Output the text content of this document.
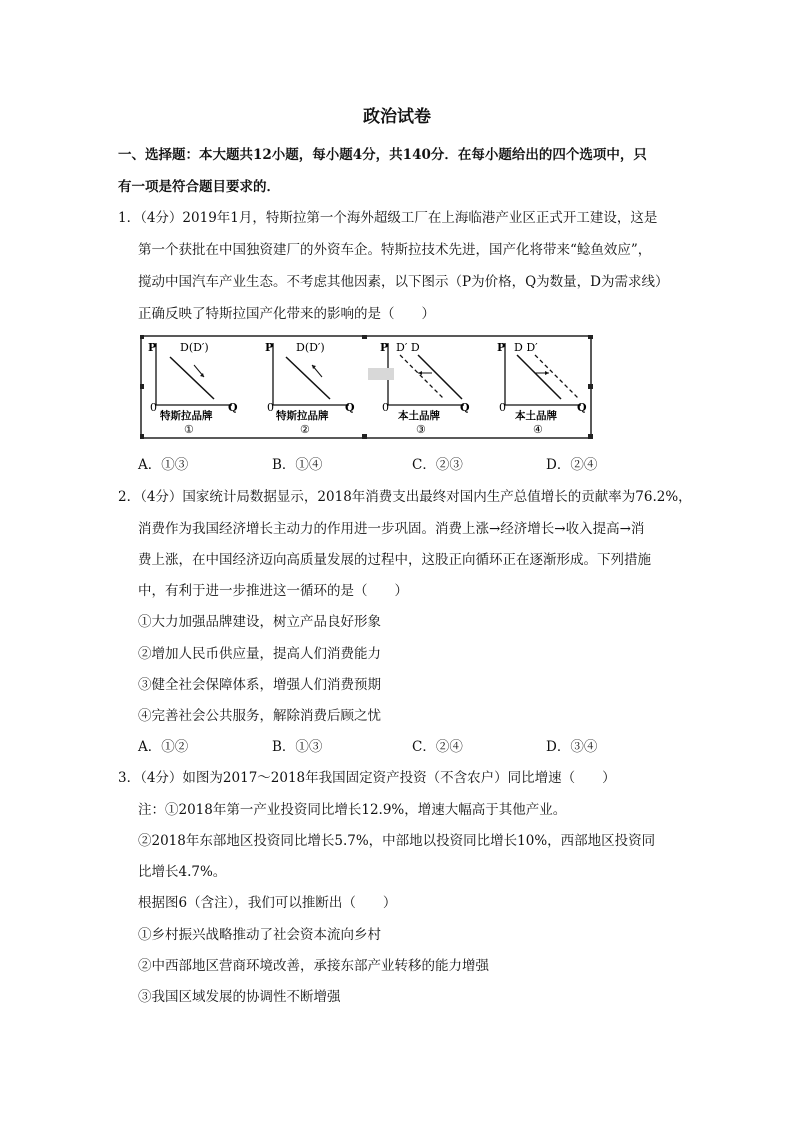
政治试卷
一、选择题：本大题共12小题，每小题4分，共140分．在每小题给出的四个选项中，只
有一项是符合题目要求的．
1．（4分）2019年1月，特斯拉第一个海外超级工厂在上海临港产业区正式开工建设，这是
第一个获批在中国独资建厂的外资车企。特斯拉技术先进，国产化将带来“鲶鱼效应”，
搅动中国汽车产业生态。不考虑其他因素，以下图示（P为价格，Q为数量，D为需求线）
正确反映了特斯拉国产化带来的影响的是（　　）
P
0	Q
D(D′)
特斯拉品牌
①
P
0	Q
D(D′)
特斯拉品牌
②
P
0	Q
D′ D
本土品牌
③
P
0	Q
D D′
本土品牌
④
A．①③	B．①④	C．②③	D．②④
2．（4分）国家统计局数据显示，2018年消费支出最终对国内生产总值增长的贡献率为76.2%，
消费作为我国经济增长主动力的作用进一步巩固。消费上涨→经济增长→收入提高→消
费上涨，在中国经济迈向高质量发展的过程中，这股正向循环正在逐渐形成。下列措施
中，有利于进一步推进这一循环的是（　　）
①大力加强品牌建设，树立产品良好形象
②增加人民币供应量，提高人们消费能力
③健全社会保障体系，增强人们消费预期
④完善社会公共服务，解除消费后顾之忧
A．①②	B．①③	C．②④	D．③④
3．（4分）如图为2017～2018年我国固定资产投资（不含农户）同比增速（　　）
注：①2018年第一产业投资同比增长12.9%，增速大幅高于其他产业。
②2018年东部地区投资同比增长5.7%，中部地以投资同比增长10%，西部地区投资同
比增长4.7%。
根据图6（含注），我们可以推断出（　　）
①乡村振兴战略推动了社会资本流向乡村
②中西部地区营商环境改善，承接东部产业转移的能力增强
③我国区域发展的协调性不断增强
